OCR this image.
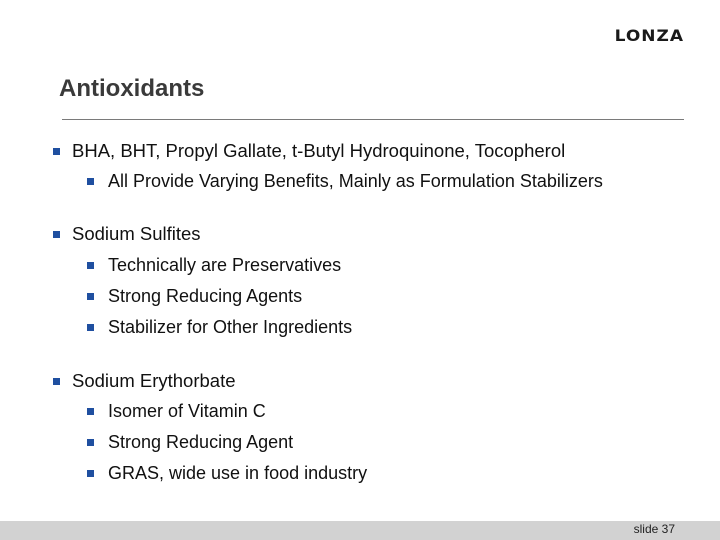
LONZA
Antioxidants
BHA, BHT, Propyl Gallate, t-Butyl Hydroquinone, Tocopherol
All Provide Varying Benefits, Mainly as Formulation Stabilizers
Sodium Sulfites
Technically are Preservatives
Strong Reducing Agents
Stabilizer for Other Ingredients
Sodium Erythorbate
Isomer of Vitamin C
Strong Reducing Agent
GRAS, wide use in food industry
slide 37
